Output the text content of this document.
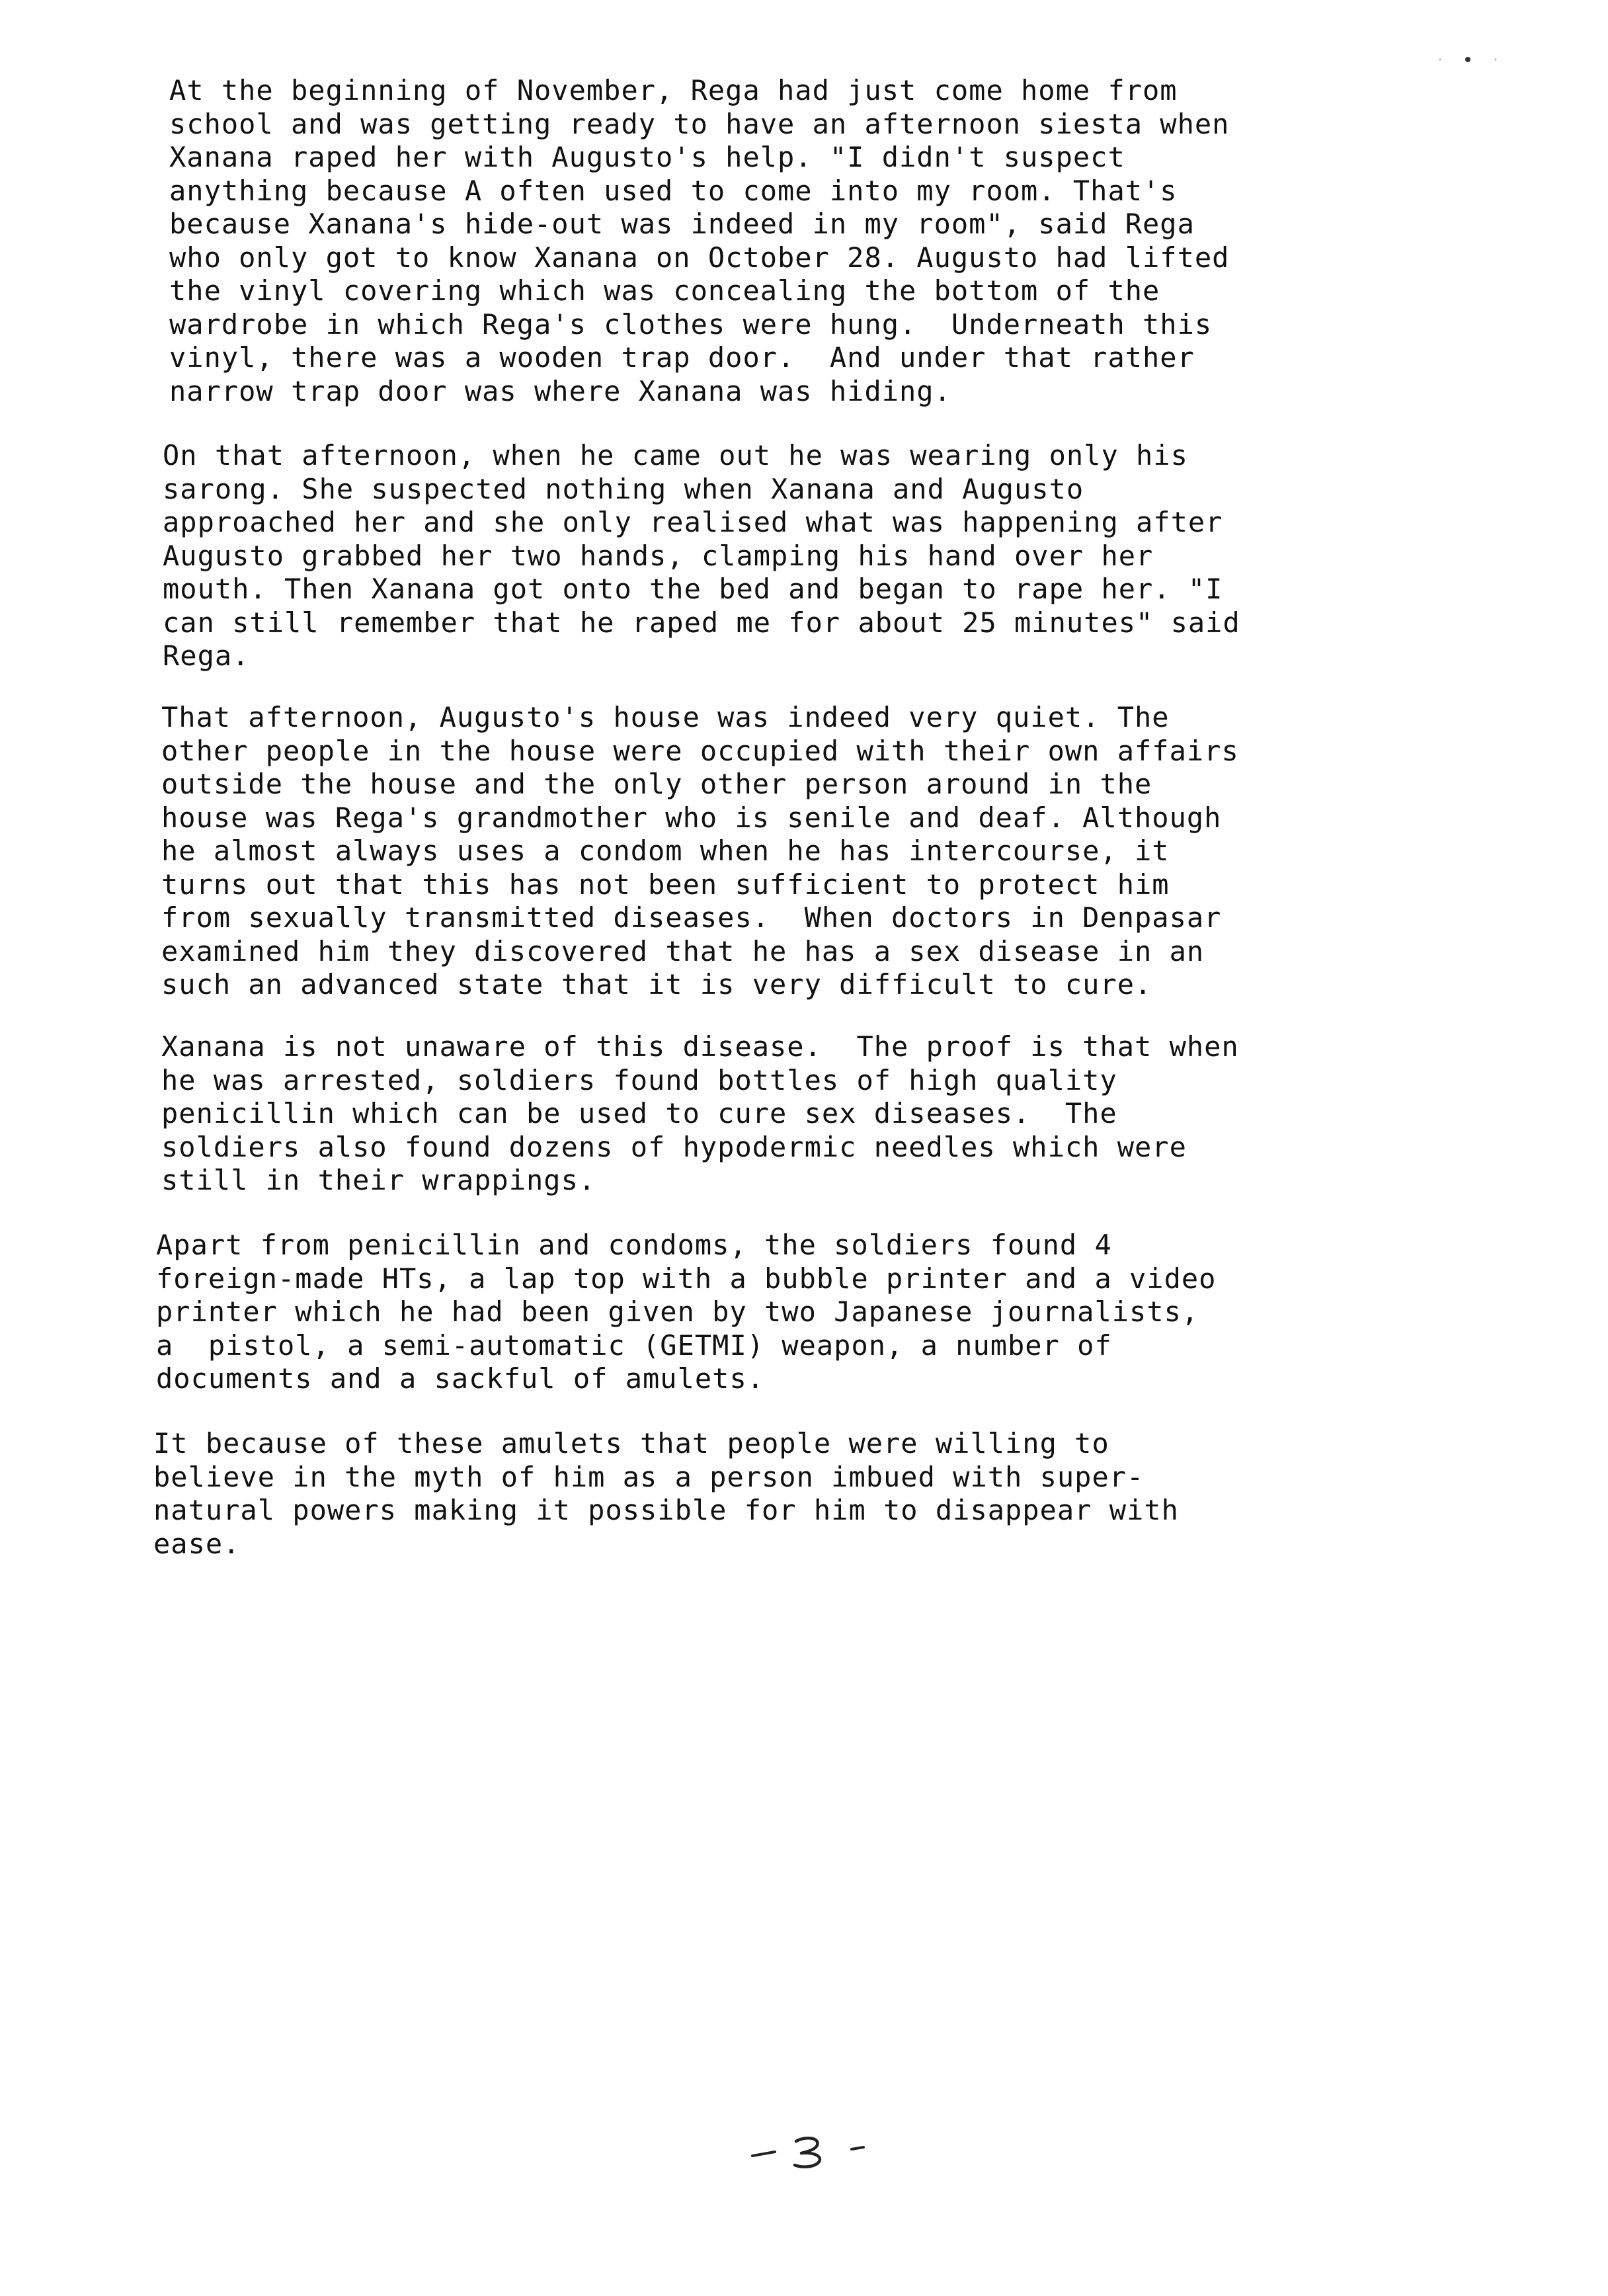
At the beginning of November, Rega had just come home from
school and was getting ready to have an afternoon siesta when
Xanana raped her with Augusto's help. "I didn't suspect
anything because A often used to come into my room. That's
because Xanana's hide-out was indeed in my room", said Rega
who only got to know Xanana on October 28. Augusto had lifted
the vinyl covering which was concealing the bottom of the
wardrobe in which Rega's clothes were hung.  Underneath this
vinyl, there was a wooden trap door.  And under that rather
narrow trap door was where Xanana was hiding.

On that afternoon, when he came out he was wearing only his
sarong. She suspected nothing when Xanana and Augusto
approached her and she only realised what was happening after
Augusto grabbed her two hands, clamping his hand over her
mouth. Then Xanana got onto the bed and began to rape her. "I
can still remember that he raped me for about 25 minutes" said
Rega.

That afternoon, Augusto's house was indeed very quiet. The
other people in the house were occupied with their own affairs
outside the house and the only other person around in the
house was Rega's grandmother who is senile and deaf. Although
he almost always uses a condom when he has intercourse, it
turns out that this has not been sufficient to protect him
from sexually transmitted diseases.  When doctors in Denpasar
examined him they discovered that he has a sex disease in an
such an advanced state that it is very difficult to cure.

Xanana is not unaware of this disease.  The proof is that when
he was arrested, soldiers found bottles of high quality
penicillin which can be used to cure sex diseases.  The
soldiers also found dozens of hypodermic needles which were
still in their wrappings.

Apart from penicillin and condoms, the soldiers found 4
foreign-made HTs, a lap top with a bubble printer and a video
printer which he had been given by two Japanese journalists,
a  pistol, a semi-automatic (GETMI) weapon, a number of
documents and a sackful of amulets.

It because of these amulets that people were willing to
believe in the myth of him as a person imbued with super-
natural powers making it possible for him to disappear with
ease.
